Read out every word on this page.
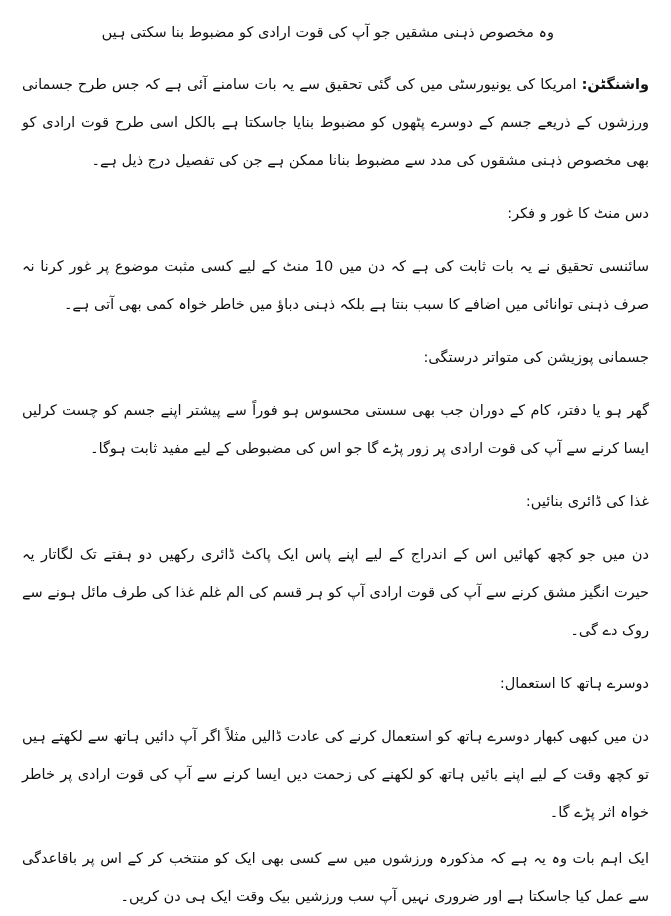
وہ مخصوص ذہنی مشقیں جو آپ کی قوت ارادی کو مضبوط بنا سکتی ہیں

واشنگٹن: امریکا کی یونیورسٹی میں کی گئی تحقیق سے یہ بات سامنے آئی ہے کہ جس طرح جسمانی ورزشوں کے ذریعے جسم کے دوسرے پٹھوں کو مضبوط بنایا جاسکتا ہے بالکل اسی طرح قوت ارادی کو بھی مخصوص ذہنی مشقوں کی مدد سے مضبوط بنانا ممکن ہے جن کی تفصیل درج ذیل ہے۔

دس منٹ کا غور و فکر:

سائنسی تحقیق نے یہ بات ثابت کی ہے کہ دن میں 10 منٹ کے لیے کسی مثبت موضوع پر غور کرنا نہ صرف ذہنی توانائی میں اضافے کا سبب بنتا ہے بلکہ ذہنی دباؤ میں خاطر خواہ کمی بھی آتی ہے۔

جسمانی پوزیشن کی متواتر درستگی:

گھر ہو یا دفتر، کام کے دوران جب بھی سستی محسوس ہو فوراً سے پیشتر اپنے جسم کو چست کرلیں ایسا کرنے سے آپ کی قوت ارادی پر زور پڑے گا جو اس کی مضبوطی کے لیے مفید ثابت ہوگا۔

غذا کی ڈائری بنائیں:

دن میں جو کچھ کھائیں اس کے اندراج کے لیے اپنے پاس ایک پاکٹ ڈائری رکھیں دو ہفتے تک لگاتار یہ حیرت انگیز مشق کرنے سے آپ کی قوت ارادی آپ کو ہر قسم کی الم غلم غذا کی طرف مائل ہونے سے روک دے گی۔

دوسرے ہاتھ کا استعمال:

دن میں کبھی کبھار دوسرے ہاتھ کو استعمال کرنے کی عادت ڈالیں مثلاً اگر آپ دائیں ہاتھ سے لکھتے ہیں تو کچھ وقت کے لیے اپنے بائیں ہاتھ کو لکھنے کی زحمت دیں ایسا کرنے سے آپ کی قوت ارادی پر خاطر خواہ اثر پڑے گا۔

ایک اہم بات وہ یہ ہے کہ مذکورہ ورزشوں میں سے کسی بھی ایک کو منتخب کر کے اس پر باقاعدگی سے عمل کیا جاسکتا ہے اور ضروری نہیں آپ سب ورزشیں بیک وقت ایک ہی دن کریں۔
